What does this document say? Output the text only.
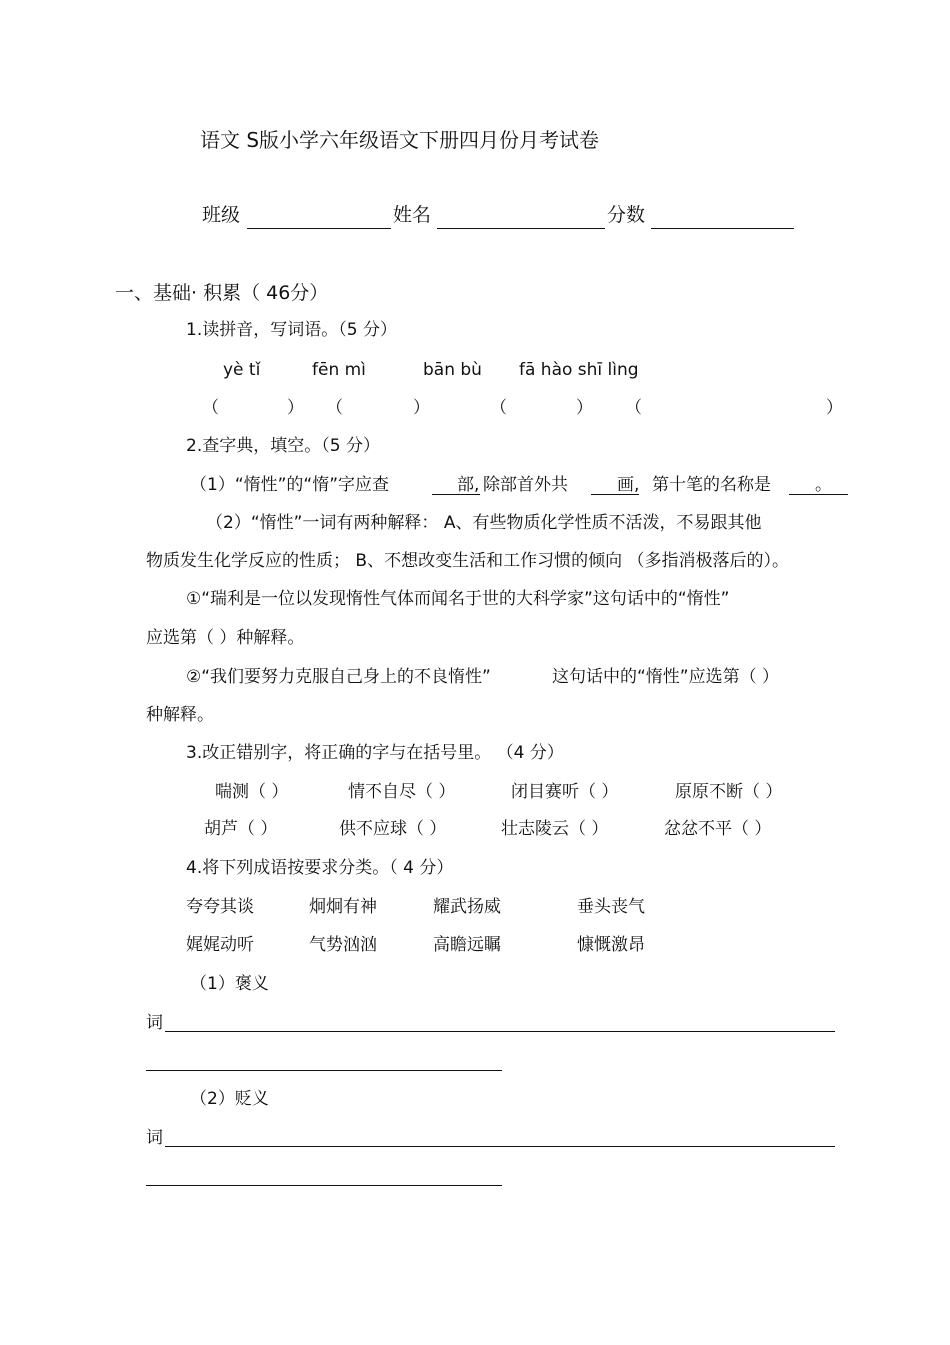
语文 S版小学六年级语文下册四月份月考试卷
班级	姓名	分数
一、基础· 积累（ 46分）
1.读拼音，写词语。（5 分）
yè tǐ	fēn mì	bān bù fā hào shī lìng
（	） （	）	（	） （	）
2.查字典，填空。（5 分）
（1）“惰性”的“惰”字应查	部, 除部首外共	画, 第十笔的名称是	。
（2）“惰性”一词有两种解释： A、有些物质化学性质不活泼，不易跟其他
物质发生化学反应的性质； B、不想改变生活和工作习惯的倾向 （多指消极落后的）。
①“瑞利是一位以发现惰性气体而闻名于世的大科学家”这句话中的“惰性”
应选第（ ）种解释。
②“我们要努力克服自己身上的不良惰性”	这句话中的“惰性”应选第（ ）
种解释。
3.改正错别字，将正确的字与在括号里。 （4 分）
喘测（ ）	情不自尽（ ）	闭目赛听（ ）	原原不断（ ）
胡芦（ ）	供不应球（ ）	壮志陵云（ ）	忿忿不平（ ）
4.将下列成语按要求分类。（ 4 分）
夸夸其谈	炯炯有神	耀武扬威	垂头丧气
娓娓动听	气势汹汹	高瞻远瞩	慷慨激昂
（1）褒义
词
（2）贬义
词
